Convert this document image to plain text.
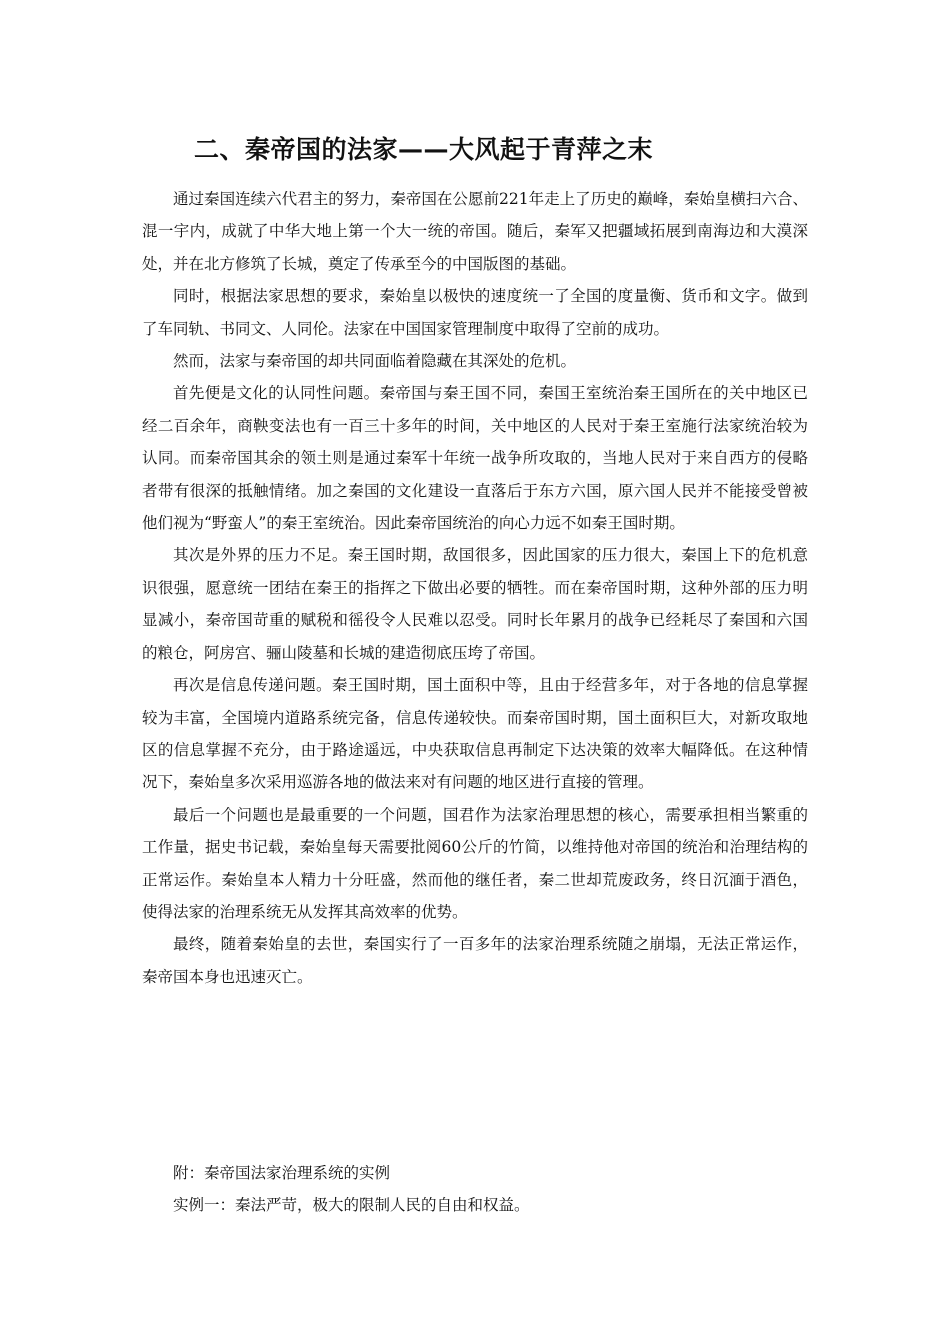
二、秦帝国的法家——大风起于青萍之末

通过秦国连续六代君主的努力，秦帝国在公愿前221年走上了历史的巅峰，秦始皇横扫六合、混一宇内，成就了中华大地上第一个大一统的帝国。随后，秦军又把疆域拓展到南海边和大漠深处，并在北方修筑了长城，奠定了传承至今的中国版图的基础。

同时，根据法家思想的要求，秦始皇以极快的速度统一了全国的度量衡、货币和文字。做到了车同轨、书同文、人同伦。法家在中国国家管理制度中取得了空前的成功。

然而，法家与秦帝国的却共同面临着隐藏在其深处的危机。

首先便是文化的认同性问题。秦帝国与秦王国不同，秦国王室统治秦王国所在的关中地区已经二百余年，商鞅变法也有一百三十多年的时间，关中地区的人民对于秦王室施行法家统治较为认同。而秦帝国其余的领土则是通过秦军十年统一战争所攻取的，当地人民对于来自西方的侵略者带有很深的抵触情绪。加之秦国的文化建设一直落后于东方六国，原六国人民并不能接受曾被他们视为“野蛮人”的秦王室统治。因此秦帝国统治的向心力远不如秦王国时期。

其次是外界的压力不足。秦王国时期，敌国很多，因此国家的压力很大，秦国上下的危机意识很强，愿意统一团结在秦王的指挥之下做出必要的牺牲。而在秦帝国时期，这种外部的压力明显减小，秦帝国苛重的赋税和徭役令人民难以忍受。同时长年累月的战争已经耗尽了秦国和六国的粮仓，阿房宫、骊山陵墓和长城的建造彻底压垮了帝国。

再次是信息传递问题。秦王国时期，国土面积中等，且由于经营多年，对于各地的信息掌握较为丰富，全国境内道路系统完备，信息传递较快。而秦帝国时期，国土面积巨大，对新攻取地区的信息掌握不充分，由于路途遥远，中央获取信息再制定下达决策的效率大幅降低。在这种情况下，秦始皇多次采用巡游各地的做法来对有问题的地区进行直接的管理。

最后一个问题也是最重要的一个问题，国君作为法家治理思想的核心，需要承担相当繁重的工作量，据史书记载，秦始皇每天需要批阅60公斤的竹简，以维持他对帝国的统治和治理结构的正常运作。秦始皇本人精力十分旺盛，然而他的继任者，秦二世却荒废政务，终日沉湎于酒色，使得法家的治理系统无从发挥其高效率的优势。

最终，随着秦始皇的去世，秦国实行了一百多年的法家治理系统随之崩塌，无法正常运作，秦帝国本身也迅速灭亡。

附：秦帝国法家治理系统的实例

实例一：秦法严苛，极大的限制人民的自由和权益。
